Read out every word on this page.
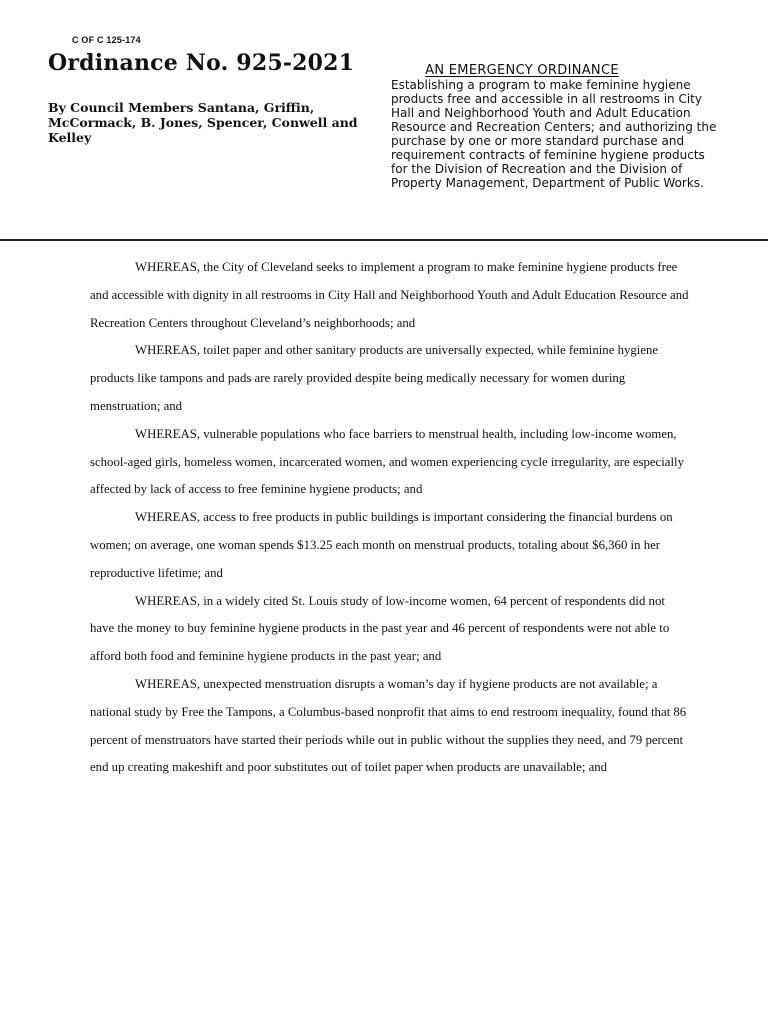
C OF C 125-174
Ordinance No. 925-2021

By Council Members Santana, Griffin, McCormack, B. Jones, Spencer, Conwell and Kelley

AN EMERGENCY ORDINANCE

Establishing a program to make feminine hygiene products free and accessible in all restrooms in City Hall and Neighborhood Youth and Adult Education Resource and Recreation Centers; and authorizing the purchase by one or more standard purchase and requirement contracts of feminine hygiene products for the Division of Recreation and the Division of Property Management, Department of Public Works.

WHEREAS, the City of Cleveland seeks to implement a program to make feminine hygiene products free and accessible with dignity in all restrooms in City Hall and Neighborhood Youth and Adult Education Resource and Recreation Centers throughout Cleveland’s neighborhoods; and

WHEREAS, toilet paper and other sanitary products are universally expected, while feminine hygiene products like tampons and pads are rarely provided despite being medically necessary for women during menstruation; and

WHEREAS, vulnerable populations who face barriers to menstrual health, including low-income women, school-aged girls, homeless women, incarcerated women, and women experiencing cycle irregularity, are especially affected by lack of access to free feminine hygiene products; and

WHEREAS, access to free products in public buildings is important considering the financial burdens on women; on average, one woman spends $13.25 each month on menstrual products, totaling about $6,360 in her reproductive lifetime; and

WHEREAS, in a widely cited St. Louis study of low-income women, 64 percent of respondents did not have the money to buy feminine hygiene products in the past year and 46 percent of respondents were not able to afford both food and feminine hygiene products in the past year; and

WHEREAS, unexpected menstruation disrupts a woman’s day if hygiene products are not available; a national study by Free the Tampons, a Columbus-based nonprofit that aims to end restroom inequality, found that 86 percent of menstruators have started their periods while out in public without the supplies they need, and 79 percent end up creating makeshift and poor substitutes out of toilet paper when products are unavailable; and
